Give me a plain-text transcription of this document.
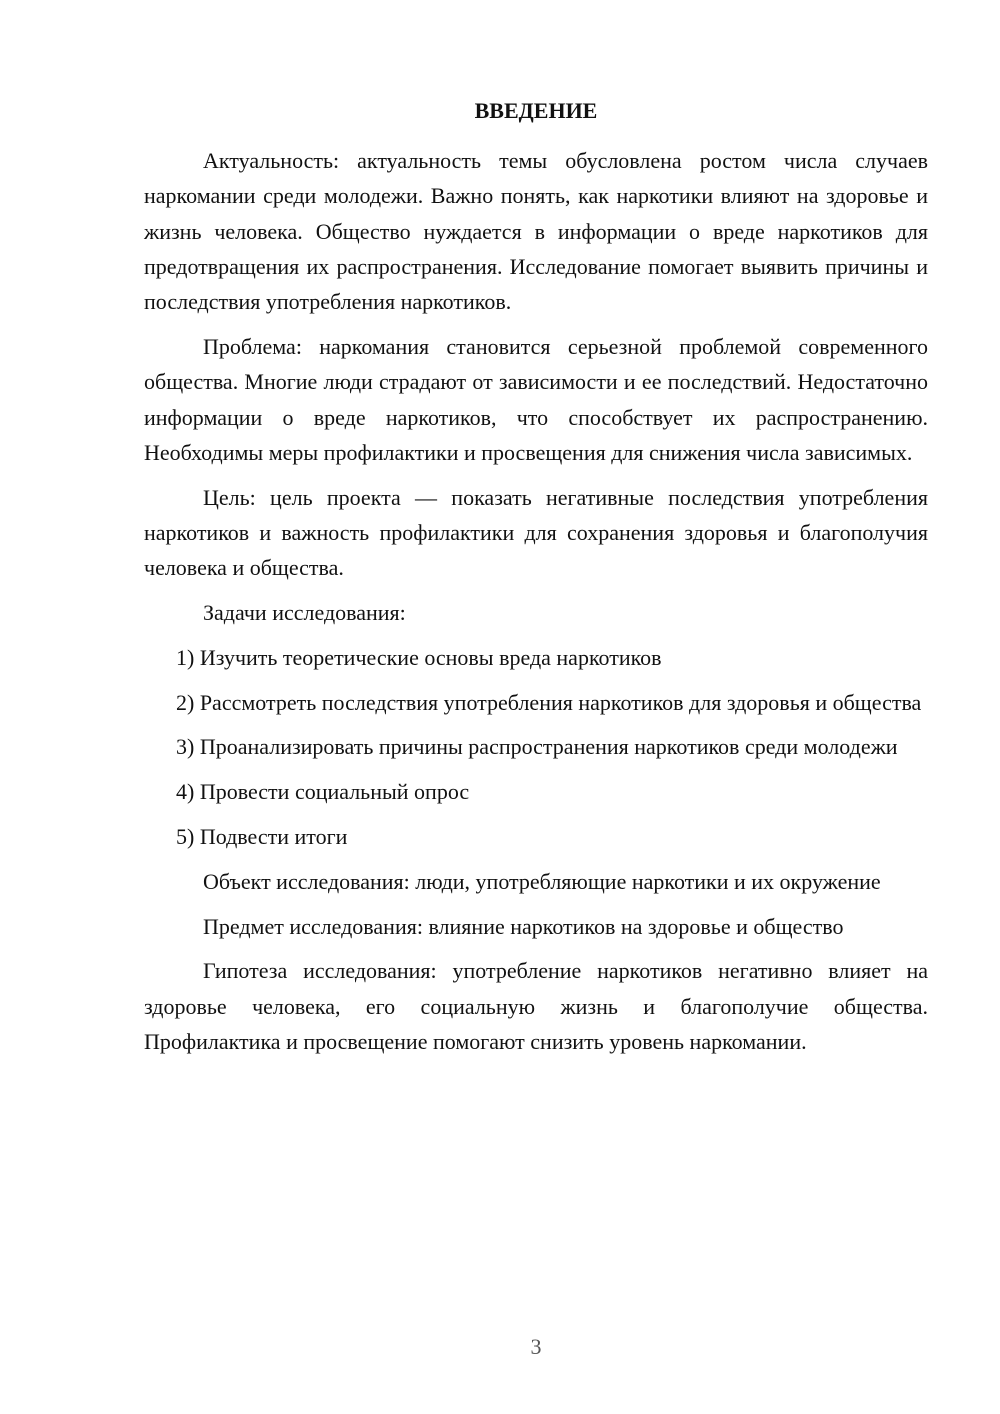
ВВЕДЕНИЕ

Актуальность: актуальность темы обусловлена ростом числа случаев наркомании среди молодежи. Важно понять, как наркотики влияют на здоровье и жизнь человека. Общество нуждается в информации о вреде наркотиков для предотвращения их распространения. Исследование помогает выявить причины и последствия употребления наркотиков.

Проблема: наркомания становится серьезной проблемой современного общества. Многие люди страдают от зависимости и ее последствий. Недостаточно информации о вреде наркотиков, что способствует их распространению. Необходимы меры профилактики и просвещения для снижения числа зависимых.

Цель: цель проекта — показать негативные последствия употребления наркотиков и важность профилактики для сохранения здоровья и благополучия человека и общества.

Задачи исследования:

1) Изучить теоретические основы вреда наркотиков

2) Рассмотреть последствия употребления наркотиков для здоровья и общества

3) Проанализировать причины распространения наркотиков среди молодежи

4) Провести социальный опрос

5) Подвести итоги

Объект исследования: люди, употребляющие наркотики и их окружение

Предмет исследования: влияние наркотиков на здоровье и общество

Гипотеза исследования: употребление наркотиков негативно влияет на здоровье человека, его социальную жизнь и благополучие общества. Профилактика и просвещение помогают снизить уровень наркомании.

3
